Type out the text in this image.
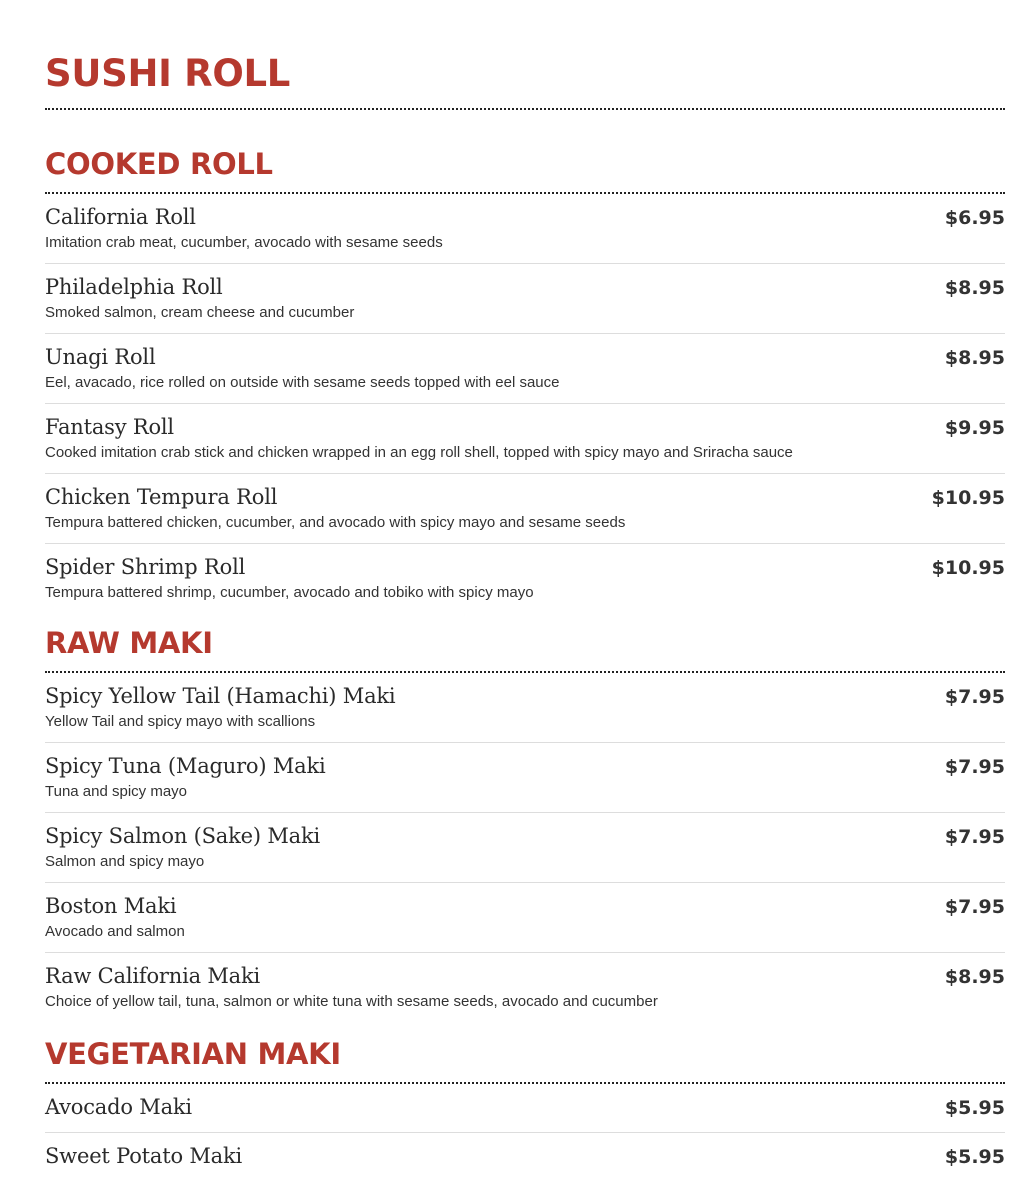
SUSHI ROLL
COOKED ROLL
California Roll	$6.95
Imitation crab meat, cucumber, avocado with sesame seeds
Philadelphia Roll	$8.95
Smoked salmon, cream cheese and cucumber
Unagi Roll	$8.95
Eel, avacado, rice rolled on outside with sesame seeds topped with eel sauce
Fantasy Roll	$9.95
Cooked imitation crab stick and chicken wrapped in an egg roll shell, topped with spicy mayo and Sriracha sauce
Chicken Tempura Roll	$10.95
Tempura battered chicken, cucumber, and avocado with spicy mayo and sesame seeds
Spider Shrimp Roll	$10.95
Tempura battered shrimp, cucumber, avocado and tobiko with spicy mayo
RAW MAKI
Spicy Yellow Tail (Hamachi) Maki	$7.95
Yellow Tail and spicy mayo with scallions
Spicy Tuna (Maguro) Maki	$7.95
Tuna and spicy mayo
Spicy Salmon (Sake) Maki	$7.95
Salmon and spicy mayo
Boston Maki	$7.95
Avocado and salmon
Raw California Maki	$8.95
Choice of yellow tail, tuna, salmon or white tuna with sesame seeds, avocado and cucumber
VEGETARIAN MAKI
Avocado Maki	$5.95
Sweet Potato Maki	$5.95
